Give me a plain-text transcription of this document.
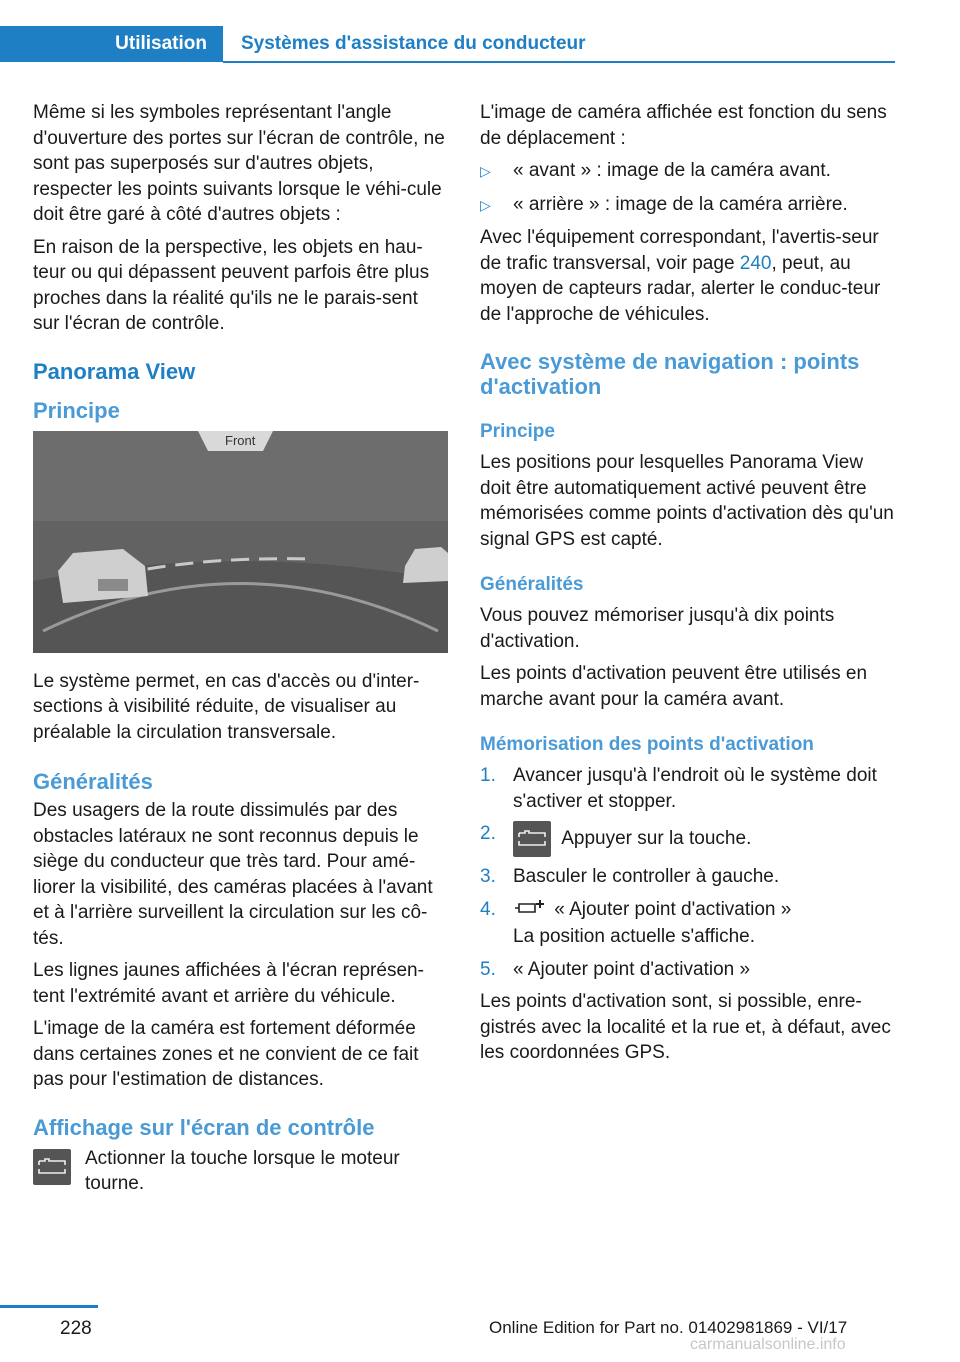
Utilisation	Systèmes d'assistance du conducteur

Même si les symboles représentant l'angle d'ouverture des portes sur l'écran de contrôle, ne sont pas superposés sur d'autres objets, respecter les points suivants lorsque le véhi-cule doit être garé à côté d'autres objets :

En raison de la perspective, les objets en hau-teur ou qui dépassent peuvent parfois être plus proches dans la réalité qu'ils ne le parais-sent sur l'écran de contrôle.

Panorama View
Principe
Front

Le système permet, en cas d'accès ou d'inter-sections à visibilité réduite, de visualiser au préalable la circulation transversale.

Généralités

Des usagers de la route dissimulés par des obstacles latéraux ne sont reconnus depuis le siège du conducteur que très tard. Pour amé-liorer la visibilité, des caméras placées à l'avant et à l'arrière surveillent la circulation sur les cô-tés.

Les lignes jaunes affichées à l'écran représen-tent l'extrémité avant et arrière du véhicule.

L'image de la caméra est fortement déformée dans certaines zones et ne convient de ce fait pas pour l'estimation de distances.

Affichage sur l'écran de contrôle

Actionner la touche lorsque le moteur tourne.

L'image de caméra affichée est fonction du sens de déplacement :

▷	« avant » : image de la caméra avant.
▷	« arrière » : image de la caméra arrière.

Avec l'équipement correspondant, l'avertis-seur de trafic transversal, voir page 240, peut, au moyen de capteurs radar, alerter le conduc-teur de l'approche de véhicules.

Avec système de navigation : points d'activation
Principe

Les positions pour lesquelles Panorama View doit être automatiquement activé peuvent être mémorisées comme points d'activation dès qu'un signal GPS est capté.

Généralités

Vous pouvez mémoriser jusqu'à dix points d'activation.

Les points d'activation peuvent être utilisés en marche avant pour la caméra avant.

Mémorisation des points d'activation
1. Avancer jusqu'à l'endroit où le système doit s'activer et stopper.
2.	Appuyer sur la touche.
3. Basculer le controller à gauche.
4.	« Ajouter point d'activation »

La position actuelle s'affiche.

5. « Ajouter point d'activation »

Les points d'activation sont, si possible, enre-gistrés avec la localité et la rue et, à défaut, avec les coordonnées GPS.

228	Online Edition for Part no. 01402981869 - VI/17
carmanualsonline.info
